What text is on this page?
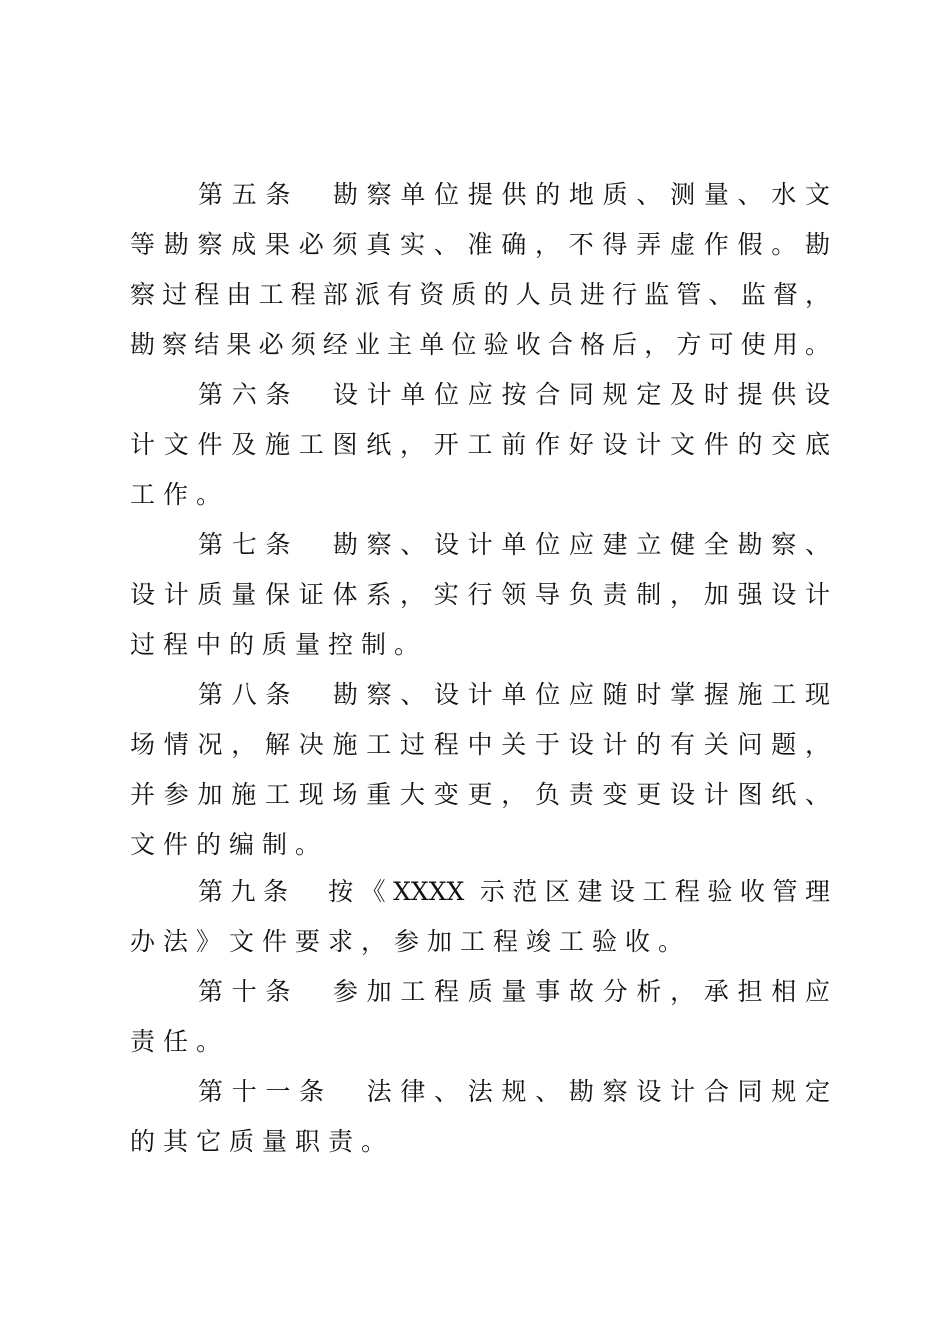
第五条　勘察单位提供的地质、测量、水文
等勘察成果必须真实、准确，不得弄虚作假。勘
察过程由工程部派有资质的人员进行监管、监督，
勘察结果必须经业主单位验收合格后，方可使用。
第六条　设计单位应按合同规定及时提供设
计文件及施工图纸，开工前作好设计文件的交底
工作。
第七条　勘察、设计单位应建立健全勘察、
设计质量保证体系，实行领导负责制，加强设计
过程中的质量控制。
第八条　勘察、设计单位应随时掌握施工现
场情况，解决施工过程中关于设计的有关问题，
并参加施工现场重大变更，负责变更设计图纸、
文件的编制。
第九条　按《XXXX 示范区建设工程验收管理
办法》文件要求，参加工程竣工验收。
第十条　参加工程质量事故分析，承担相应
责任。
第十一条　法律、法规、勘察设计合同规定
的其它质量职责。
